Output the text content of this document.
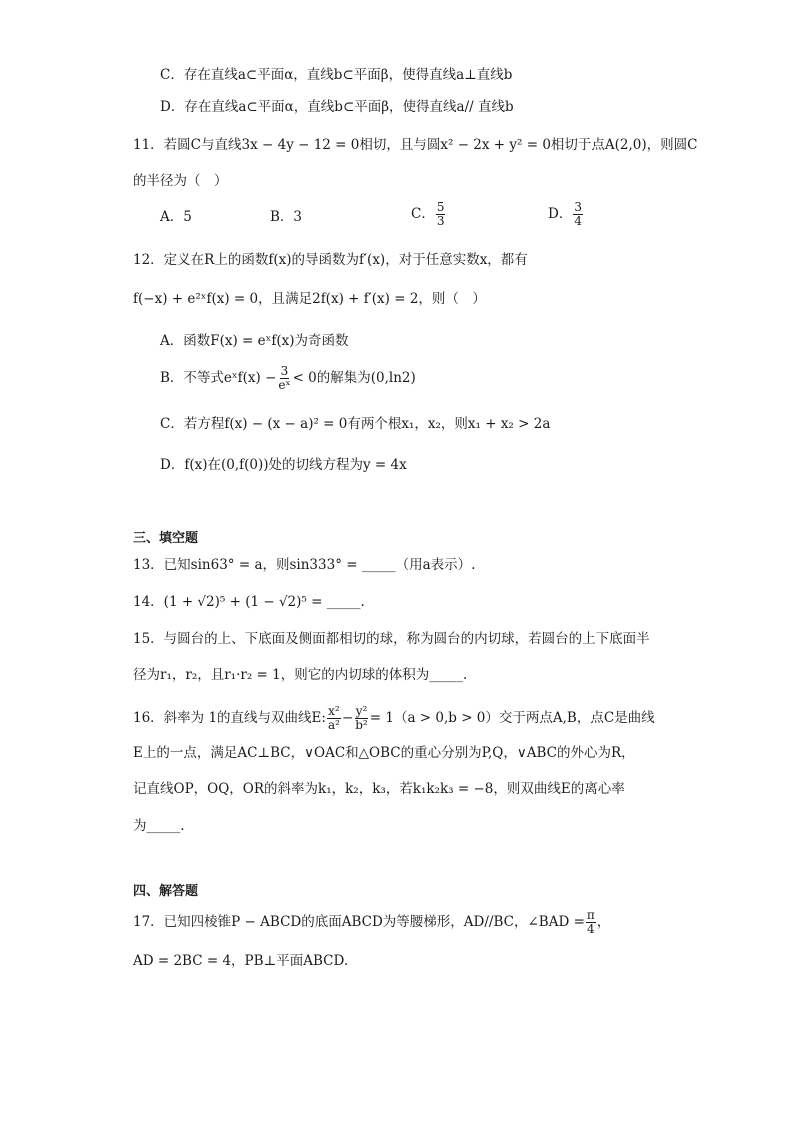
C．存在直线a⊂平面α，直线b⊂平面β，使得直线a⊥直线b
D．存在直线a⊂平面α，直线b⊂平面β，使得直线a// 直线b
11．若圆C与直线3x − 4y − 12 = 0相切，且与圆x² − 2x + y² = 0相切于点A(2,0)，则圆C
的半径为（　）
A．5	B．3	C． $\frac{5}{3}$	D． $\frac{3}{4}$
12．定义在R上的函数f(x)的导函数为f′(x)，对于任意实数x，都有
f(−x) + e²ˣf(x) = 0，且满足2f(x) + f′(x) = 2，则（　）
A．函数F(x) = eˣf(x)为奇函数
B．不等式eˣf(x) − $\frac{3}{\text{eˣ}} < 0$的解集为(0,ln2)
C．若方程f(x) − (x − a)² = 0有两个根x₁，x₂，则x₁ + x₂ > 2a
D．f(x)在(0,f(0))处的切线方程为y = 4x
三、填空题
13．已知sin63° = a，则sin333° = _____（用a表示）.
14．(1 + √2)⁵ + (1 − √2)⁵ = _____.
15．与圆台的上、下底面及侧面都相切的球，称为圆台的内切球，若圆台的上下底面半
径为r₁，r₂，且r₁·r₂ = 1，则它的内切球的体积为_____.
16．斜率为 1的直线与双曲线E: $\frac{\text{x²}}{\text{a²}} - \frac{\text{y²}}{\text{b²}} = 1(a > 0,b > 0)$交于两点A,B，点C是曲线
E上的一点，满足AC⊥BC，∨OAC和△OBC的重心分别为P,Q，∨ABC的外心为R，
记直线OP，OQ，OR的斜率为k₁，k₂，k₃，若k₁k₂k₃ = −8，则双曲线E的离心率
为_____.
四、解答题
17．已知四棱锥P − ABCD的底面ABCD为等腰梯形，AD//BC，∠BAD = $\frac{\pi}{4}$ ，
AD = 2BC = 4，PB⊥平面ABCD.
